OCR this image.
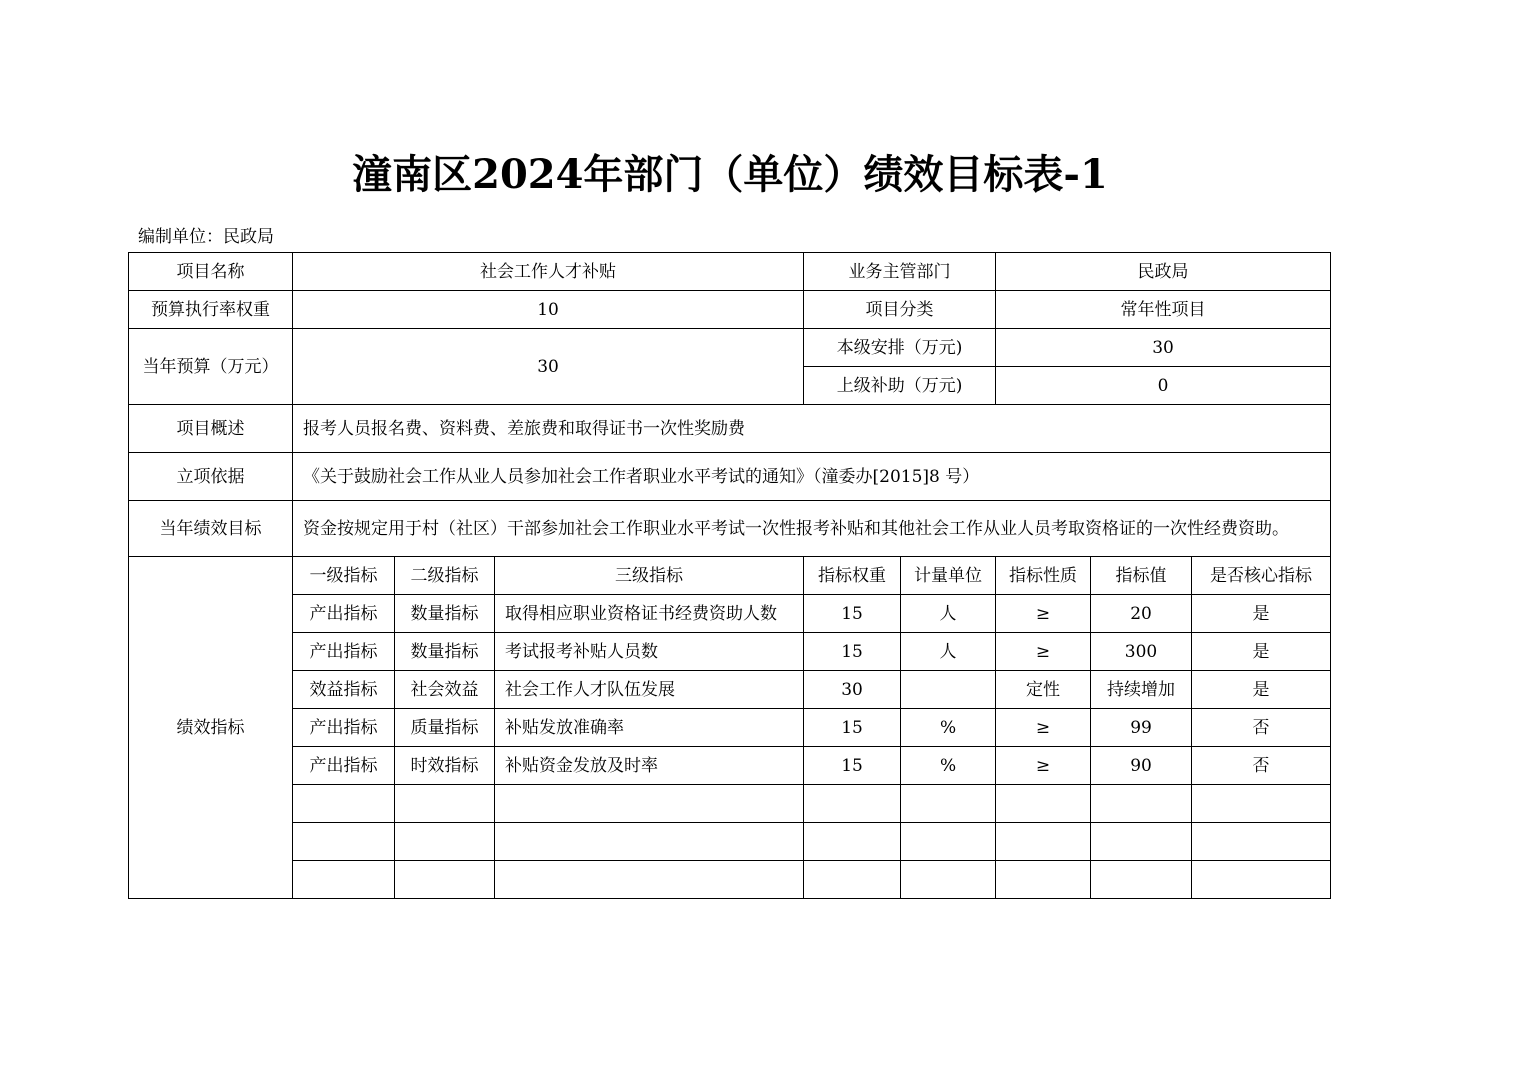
潼南区2024年部门（单位）绩效目标表-1
编制单位：民政局
项目名称	社会工作人才补贴			业务主管部门		民政局		
预算执行率权重	10			项目分类		常年性项目		
当年预算（万元）	30			本级安排（万元)		30		
				上级补助（万元)		0		
项目概述	报考人员报名费、资料费、差旅费和取得证书一次性奖励费							
立项依据	《关于鼓励社会工作从业人员参加社会工作者职业水平考试的通知》（潼委办[2015]8 号）							
当年绩效目标	资金按规定用于村（社区）干部参加社会工作职业水平考试一次性报考补贴和其他社会工作从业人员考取资格证的一次性经费资助。							
绩效指标	一级指标	二级指标	三级指标	指标权重	计量单位	指标性质	指标值	是否核心指标
	产出指标	数量指标	取得相应职业资格证书经费资助人数	15	人	≥	20	是
	产出指标	数量指标	考试报考补贴人员数	15	人	≥	300	是
	效益指标	社会效益	社会工作人才队伍发展	30		定性	持续增加	是
	产出指标	质量指标	补贴发放准确率	15	%	≥	99	否
	产出指标	时效指标	补贴资金发放及时率	15	%	≥	90	否
